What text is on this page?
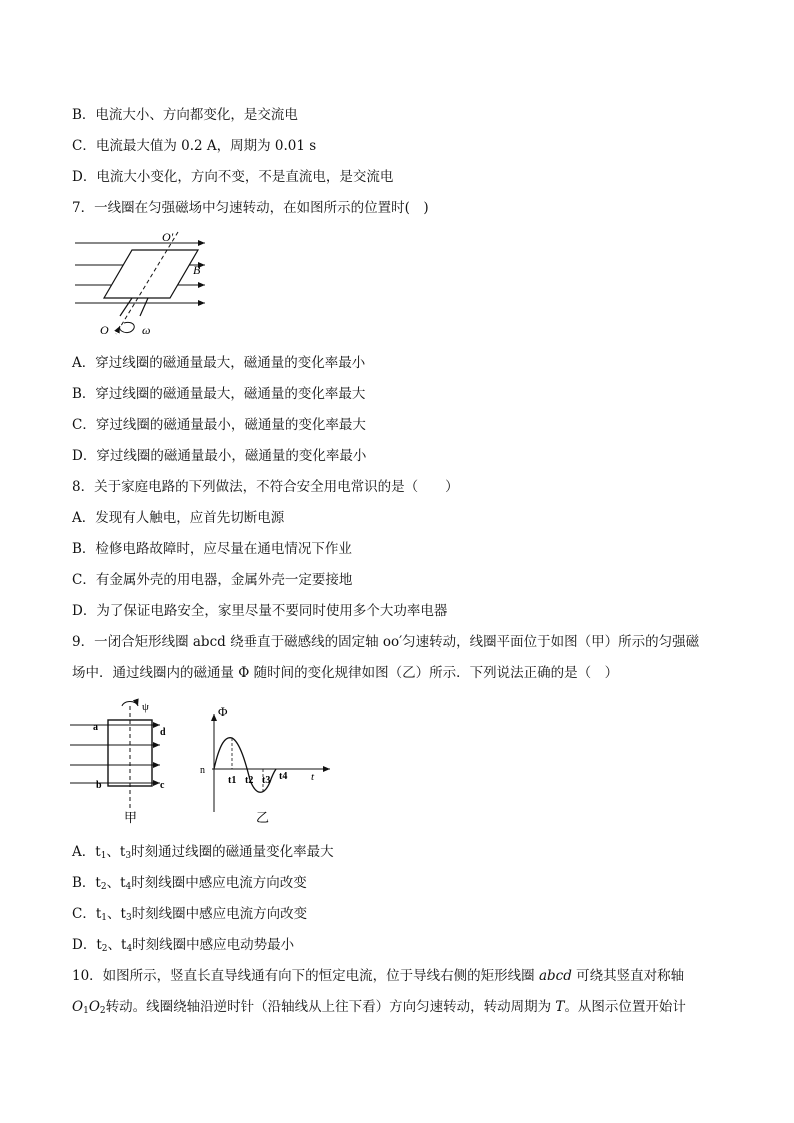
B．电流大小、方向都变化，是交流电
C．电流最大值为 0.2 A，周期为 0.01 s
D．电流大小变化，方向不变，不是直流电，是交流电
7．一线圈在匀强磁场中匀速转动，在如图所示的位置时(　)
O′
B
O	ω
A．穿过线圈的磁通量最大，磁通量的变化率最小
B．穿过线圈的磁通量最大，磁通量的变化率最大
C．穿过线圈的磁通量最小，磁通量的变化率最大
D．穿过线圈的磁通量最小，磁通量的变化率最小
8．关于家庭电路的下列做法，不符合安全用电常识的是（　　）
A．发现有人触电，应首先切断电源
B．检修电路故障时，应尽量在通电情况下作业
C．有金属外壳的用电器，金属外壳一定要接地
D．为了保证电路安全，家里尽量不要同时使用多个大功率电器
9．一闭合矩形线圈 abcd 绕垂直于磁感线的固定轴 oo′匀速转动，线圈平面位于如图（甲）所示的匀强磁
场中．通过线圈内的磁通量 Φ 随时间的变化规律如图（乙）所示．下列说法正确的是（　）
ψ
a	d
b	c
甲
Φ
n
t1 t2 t3 t4 t
乙
A．$t_1$、$t_3$时刻通过线圈的磁通量变化率最大
B．$t_2$、$t_4$时刻线圈中感应电流方向改变
C．$t_1$、$t_3$时刻线圈中感应电流方向改变
D．$t_2$、$t_4$时刻线圈中感应电动势最小
10．如图所示，竖直长直导线通有向下的恒定电流，位于导线右侧的矩形线圈 abcd 可绕其竖直对称轴
$O_1O_2$转动。线圈绕轴沿逆时针（沿轴线从上往下看）方向匀速转动，转动周期为 T。从图示位置开始计
